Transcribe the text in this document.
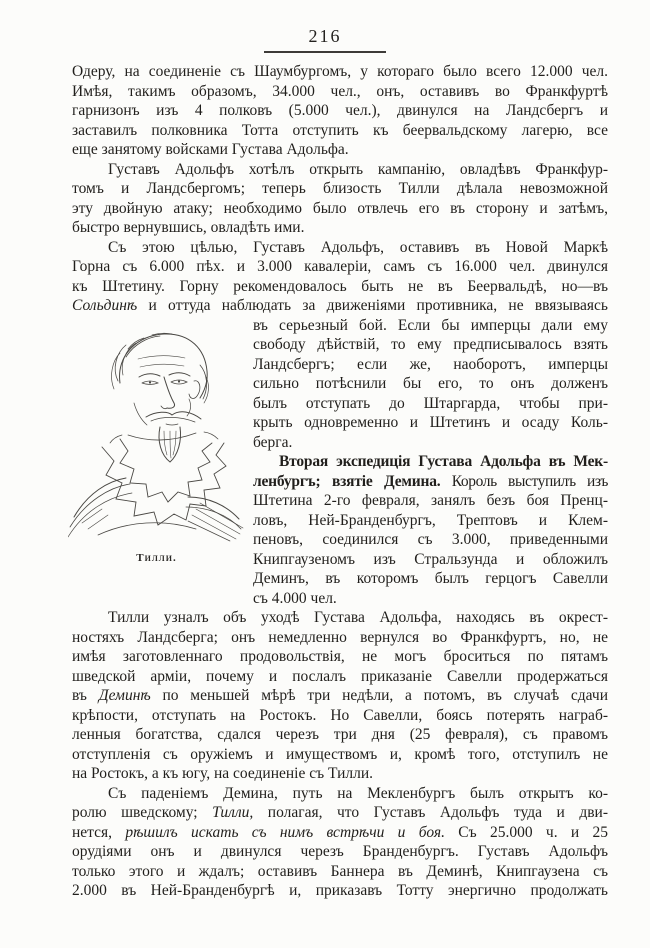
216
Одеру, на соединеніе съ Шаумбургомъ, у котораго было всего 12.000 чел.
Имѣя, такимъ образомъ, 34.000 чел., онъ, оставивъ во Франкфуртѣ
гарнизонъ изъ 4 полковъ (5.000 чел.), двинулся на Ландсбергъ и
заставилъ полковника Тотта отступить къ беервальдскому лагерю, все
еще занятому войсками Густава Адольфа.
Густавъ Адольфъ хотѣлъ открыть кампанію, овладѣвъ Франкфур-
томъ и Ландсбергомъ; теперь близость Тилли дѣлала невозможной
эту двойную атаку; необходимо было отвлечь его въ сторону и затѣмъ,
быстро вернувшись, овладѣть ими.
Съ этою цѣлью, Густавъ Адольфъ, оставивъ въ Новой Маркѣ
Горна съ 6.000 пѣх. и 3.000 кавалеріи, самъ съ 16.000 чел. двинулся
къ Штетину. Горну рекомендовалось быть не въ Беервальдѣ, но—въ
Сольдинѣ и оттуда наблюдать за движеніями противника, не ввязываясь
Тилли.
въ серьезный бой. Если бы имперцы дали ему
свободу дѣйствій, то ему предписывалось взять
Ландсбергъ; если же, наоборотъ, имперцы
сильно потѣснили бы его, то онъ долженъ
былъ отступать до Штаргарда, чтобы при-
крыть одновременно и Штетинъ и осаду Коль-
берга.
Вторая экспедиція Густава Адольфа въ Мек-
ленбургъ; взятіе Демина. Король выступилъ изъ
Штетина 2-го февраля, занялъ безъ боя Пренц-
ловъ, Ней-Бранденбургъ, Трептовъ и Клем-
пеновъ, соединился съ 3.000, приведенными
Книпгаузеномъ изъ Стральзунда и обложилъ
Деминъ, въ которомъ былъ герцогъ Савелли
съ 4.000 чел.
Тилли узналъ объ уходѣ Густава Адольфа, находясь въ окрест-
ностяхъ Ландсберга; онъ немедленно вернулся во Франкфуртъ, но, не
имѣя заготовленнаго продовольствія, не могъ броситься по пятамъ
шведской арміи, почему и послалъ приказаніе Савелли продержаться
въ Деминѣ по меньшей мѣрѣ три недѣли, а потомъ, въ случаѣ сдачи
крѣпости, отступать на Ростокъ. Но Савелли, боясь потерять награб-
ленныя богатства, сдался черезъ три дня (25 февраля), съ правомъ
отступленія съ оружіемъ и имуществомъ и, кромѣ того, отступилъ не
на Ростокъ, а къ югу, на соединеніе съ Тилли.
Съ паденіемъ Демина, путь на Мекленбургъ былъ открытъ ко-
ролю шведскому; Тилли, полагая, что Густавъ Адольфъ туда и дви-
нется, рѣшилъ искать съ нимъ встрѣчи и боя. Съ 25.000 ч. и 25
орудіями онъ и двинулся черезъ Бранденбургъ. Густавъ Адольфъ
только этого и ждалъ; оставивъ Баннера въ Деминѣ, Книпгаузена съ
2.000 въ Ней-Бранденбургѣ и, приказавъ Тотту энергично продолжать
